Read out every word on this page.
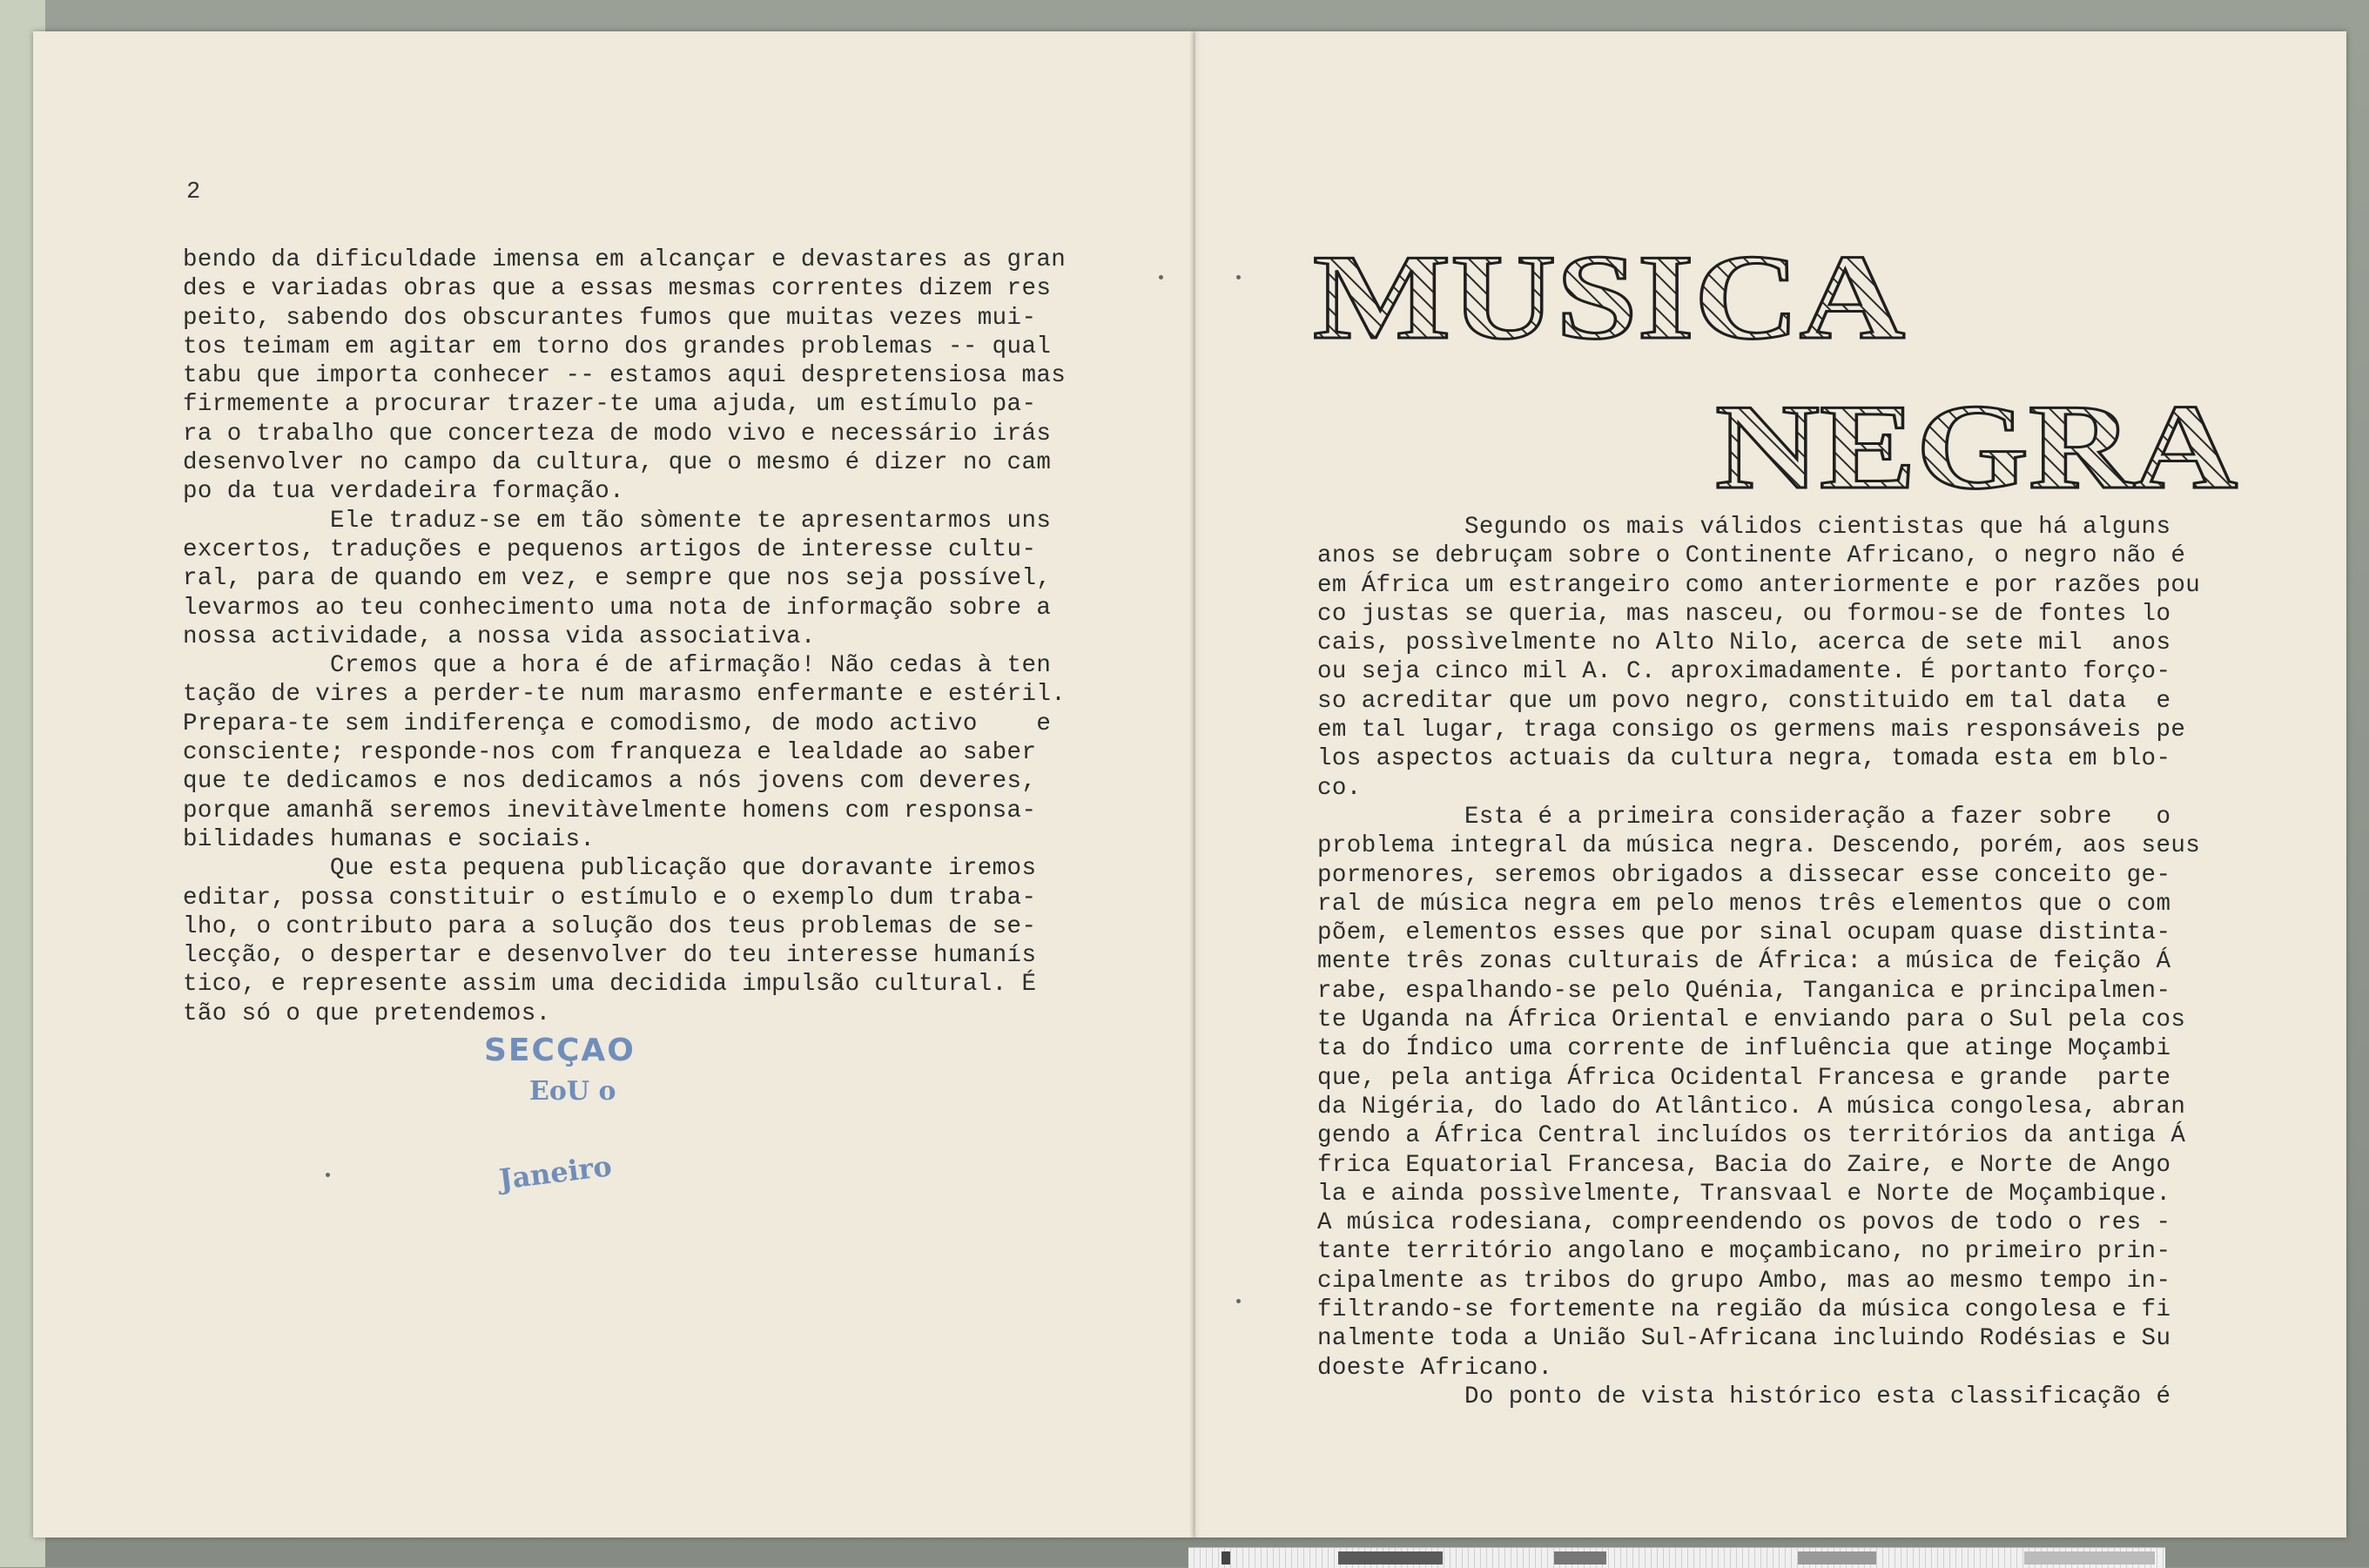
2
bendo da dificuldade imensa em alcançar e devastares as gran
des e variadas obras que a essas mesmas correntes dizem res
peito, sabendo dos obscurantes fumos que muitas vezes mui-
tos teimam em agitar em torno dos grandes problemas -- qual
tabu que importa conhecer -- estamos aqui despretensiosa mas
firmemente a procurar trazer-te uma ajuda, um estímulo pa-
ra o trabalho que concerteza de modo vivo e necessário irás
desenvolver no campo da cultura, que o mesmo é dizer no cam
po da tua verdadeira formação.
Ele traduz-se em tão sòmente te apresentarmos uns
excertos, traduções e pequenos artigos de interesse cultu-
ral, para de quando em vez, e sempre que nos seja possível,
levarmos ao teu conhecimento uma nota de informação sobre a
nossa actividade, a nossa vida associativa.
Cremos que a hora é de afirmação! Não cedas à ten
tação de vires a perder-te num marasmo enfermante e estéril.
Prepara-te sem indiferença e comodismo, de modo activo    e
consciente; responde-nos com franqueza e lealdade ao saber
que te dedicamos e nos dedicamos a nós jovens com deveres,
porque amanhã seremos inevitàvelmente homens com responsa-
bilidades humanas e sociais.
Que esta pequena publicação que doravante iremos
editar, possa constituir o estímulo e o exemplo dum traba-
lho, o contributo para a solução dos teus problemas de se-
lecção, o despertar e desenvolver do teu interesse humanís
tico, e represente assim uma decidida impulsão cultural. É
tão só o que pretendemos.
SECÇAO
EoU o
Janeiro
MUSICA
NEGRA
Segundo os mais válidos cientistas que há alguns
anos se debruçam sobre o Continente Africano, o negro não é
em África um estrangeiro como anteriormente e por razões pou
co justas se queria, mas nasceu, ou formou-se de fontes lo
cais, possìvelmente no Alto Nilo, acerca de sete mil  anos
ou seja cinco mil A. C. aproximadamente. É portanto forço-
so acreditar que um povo negro, constituido em tal data  e
em tal lugar, traga consigo os germens mais responsáveis pe
los aspectos actuais da cultura negra, tomada esta em blo-
co.
Esta é a primeira consideração a fazer sobre   o
problema integral da música negra. Descendo, porém, aos seus
pormenores, seremos obrigados a dissecar esse conceito ge-
ral de música negra em pelo menos três elementos que o com
põem, elementos esses que por sinal ocupam quase distinta-
mente três zonas culturais de África: a música de feição Á
rabe, espalhando-se pelo Quénia, Tanganica e principalmen-
te Uganda na África Oriental e enviando para o Sul pela cos
ta do Índico uma corrente de influência que atinge Moçambi
que, pela antiga África Ocidental Francesa e grande  parte
da Nigéria, do lado do Atlântico. A música congolesa, abran
gendo a África Central incluídos os territórios da antiga Á
frica Equatorial Francesa, Bacia do Zaire, e Norte de Ango
la e ainda possìvelmente, Transvaal e Norte de Moçambique.
A música rodesiana, compreendendo os povos de todo o res -
tante território angolano e moçambicano, no primeiro prin-
cipalmente as tribos do grupo Ambo, mas ao mesmo tempo in-
filtrando-se fortemente na região da música congolesa e fi
nalmente toda a União Sul-Africana incluindo Rodésias e Su
doeste Africano.
Do ponto de vista histórico esta classificação é
